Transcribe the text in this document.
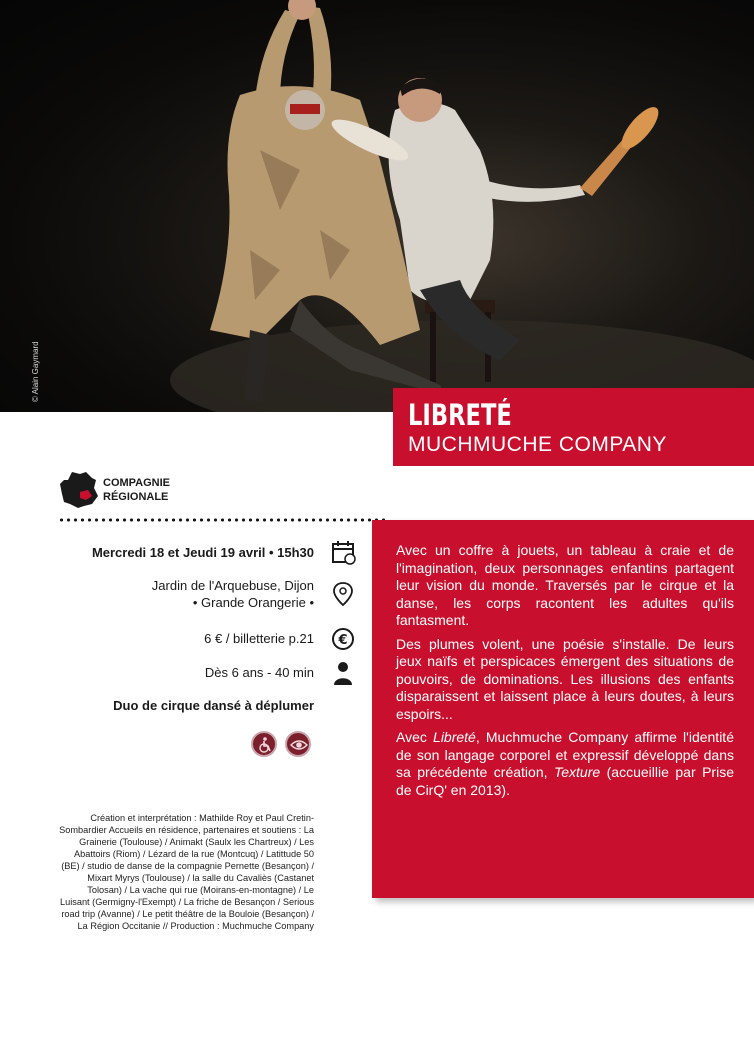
© Alain Gaymard
LIBRETÉ
MUCHMUCHE COMPANY
COMPAGNIE
RÉGIONALE
Mercredi 18 et Jeudi 19 avril • 15h30
Jardin de l'Arquebuse, Dijon
• Grande Orangerie •
6 € / billetterie p.21 €
Dès 6 ans - 40 min
Duo de cirque dansé à déplumer
Création et interprétation : Mathilde Roy et Paul Cretin-Sombardier Accueils en résidence, partenaires et soutiens : La Grainerie (Toulouse) / Animakt (Saulx les Chartreux) / Les Abattoirs (Riom) / Lézard de la rue (Montcuq) / Latittude 50 (BE) / studio de danse de la compagnie Pernette (Besançon) / Mixart Myrys (Toulouse) / la salle du Cavaliès (Castanet Tolosan) / La vache qui rue (Moirans-en-montagne) / Le Luisant (Germigny-l'Exempt) / La friche de Besançon / Serious road trip (Avanne) / Le petit théâtre de la Bouloie (Besançon) / La Région Occitanie // Production : Muchmuche Company

Avec un coffre à jouets, un tableau à craie et de l'imagination, deux personnages enfantins partagent leur vision du monde. Traversés par le cirque et la danse, les corps racontent les adultes qu'ils fantasment.

Des plumes volent, une poésie s'installe. De leurs jeux naïfs et perspicaces émergent des situations de pouvoirs, de dominations. Les illusions des enfants disparaissent et laissent place à leurs doutes, à leurs espoirs...

Avec Libreté, Muchmuche Company affirme l'identité de son langage corporel et expressif développé dans sa précédente création, Texture (accueillie par Prise de CirQ' en 2013).
